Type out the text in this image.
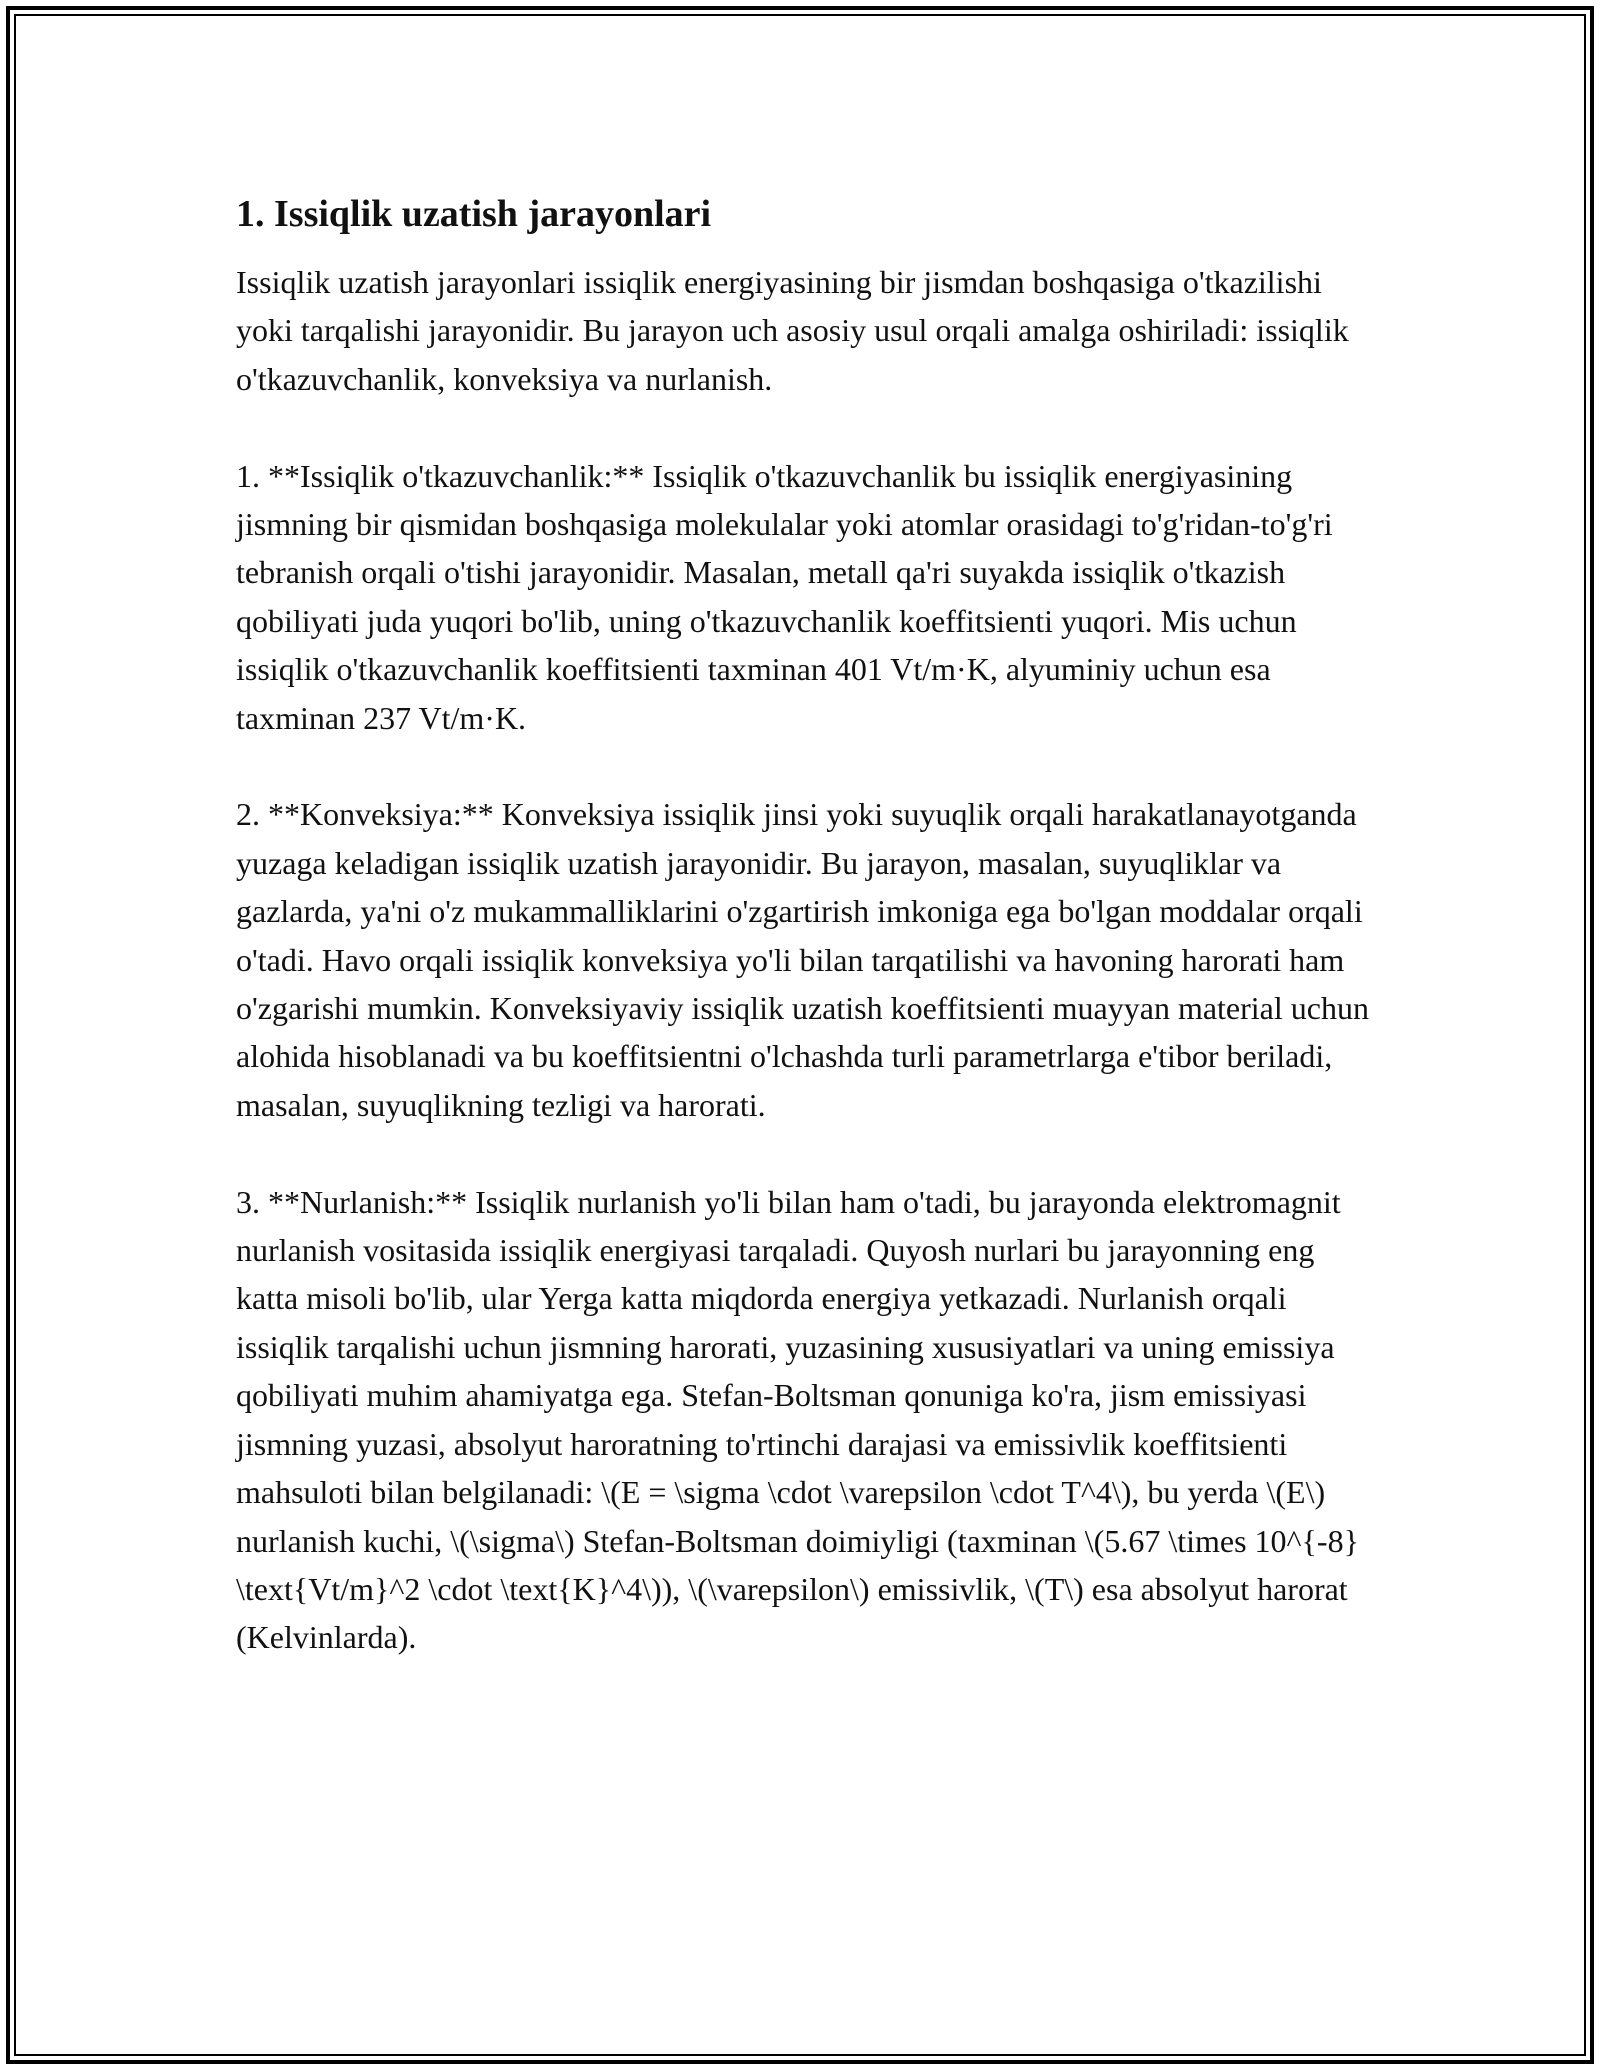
1. Issiqlik uzatish jarayonlari

Issiqlik uzatish jarayonlari issiqlik energiyasining bir jismdan boshqasiga o'tkazilishi yoki tarqalishi jarayonidir. Bu jarayon uch asosiy usul orqali amalga oshiriladi: issiqlik o'tkazuvchanlik, konveksiya va nurlanish.

1. **Issiqlik o'tkazuvchanlik:** Issiqlik o'tkazuvchanlik bu issiqlik energiyasining jismning bir qismidan boshqasiga molekulalar yoki atomlar orasidagi to'g'ridan-to'g'ri tebranish orqali o'tishi jarayonidir. Masalan, metall qa'ri suyakda issiqlik o'tkazish qobiliyati juda yuqori bo'lib, uning o'tkazuvchanlik koeffitsienti yuqori. Mis uchun issiqlik o'tkazuvchanlik koeffitsienti taxminan 401 Vt/m·K, alyuminiy uchun esa taxminan 237 Vt/m·K.

2. **Konveksiya:** Konveksiya issiqlik jinsi yoki suyuqlik orqali harakatlanayotganda yuzaga keladigan issiqlik uzatish jarayonidir. Bu jarayon, masalan, suyuqliklar va gazlarda, ya'ni o'z mukammalliklarini o'zgartirish imkoniga ega bo'lgan moddalar orqali o'tadi. Havo orqali issiqlik konveksiya yo'li bilan tarqatilishi va havoning harorati ham o'zgarishi mumkin. Konveksiyaviy issiqlik uzatish koeffitsienti muayyan material uchun alohida hisoblanadi va bu koeffitsientni o'lchashda turli parametrlarga e'tibor beriladi, masalan, suyuqlikning tezligi va harorati.

3. **Nurlanish:** Issiqlik nurlanish yo'li bilan ham o'tadi, bu jarayonda elektromagnit nurlanish vositasida issiqlik energiyasi tarqaladi. Quyosh nurlari bu jarayonning eng katta misoli bo'lib, ular Yerga katta miqdorda energiya yetkazadi. Nurlanish orqali issiqlik tarqalishi uchun jismning harorati, yuzasining xususiyatlari va uning emissiya qobiliyati muhim ahamiyatga ega. Stefan-Boltsman qonuniga ko'ra, jism emissiyasi jismning yuzasi, absolyut haroratning to'rtinchi darajasi va emissivlik koeffitsienti mahsuloti bilan belgilanadi: \(E = \sigma \cdot \varepsilon \cdot T^4\), bu yerda \(E\) nurlanish kuchi, \(\sigma\) Stefan-Boltsman doimiyligi (taxminan \(5.67 \times 10^{-8} \text{Vt/m}^2 \cdot \text{K}^4\)), \(\varepsilon\) emissivlik, \(T\) esa absolyut harorat (Kelvinlarda).
